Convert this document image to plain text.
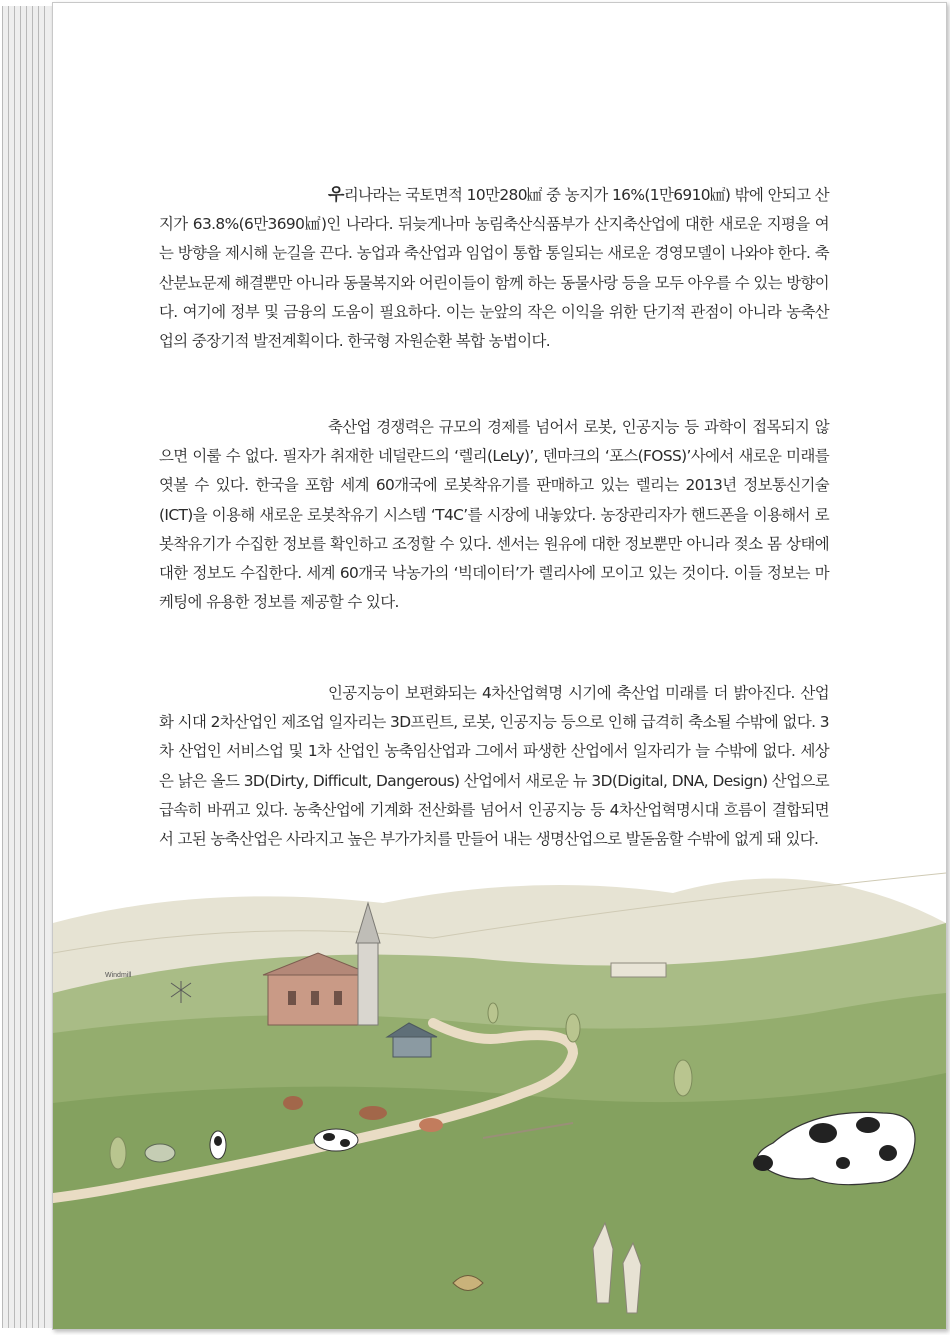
우리나라는 국토면적 10만280㎢ 중 농지가 16%(1만6910㎢) 밖에 안되고 산지가 63.8%(6만3690㎢)인 나라다. 뒤늦게나마 농림축산식품부가 산지축산업에 대한 새로운 지평을 여는 방향을 제시해 눈길을 끈다. 농업과 축산업과 임업이 통합 통일되는 새로운 경영모델이 나와야 한다. 축산분뇨문제 해결뿐만 아니라 동물복지와 어린이들이 함께 하는 동물사랑 등을 모두 아우를 수 있는 방향이다. 여기에 정부 및 금융의 도움이 필요하다. 이는 눈앞의 작은 이익을 위한 단기적 관점이 아니라 농축산업의 중장기적 발전계획이다. 한국형 자원순환 복합 농법이다.
축산업 경쟁력은 규모의 경제를 넘어서 로봇, 인공지능 등 과학이 접목되지 않으면 이룰 수 없다. 필자가 취재한 네덜란드의 ‘렐리(LeLy)’, 덴마크의 ‘포스(FOSS)’사에서 새로운 미래를 엿볼 수 있다. 한국을 포함 세계 60개국에 로봇착유기를 판매하고 있는 렐리는 2013년 정보통신기술(ICT)을 이용해 새로운 로봇착유기 시스템 ‘T4C’를 시장에 내놓았다. 농장관리자가 핸드폰을 이용해서 로봇착유기가 수집한 정보를 확인하고 조정할 수 있다. 센서는 원유에 대한 정보뿐만 아니라 젖소 몸 상태에 대한 정보도 수집한다. 세계 60개국 낙농가의 ‘빅데이터’가 렐리사에 모이고 있는 것이다. 이들 정보는 마케팅에 유용한 정보를 제공할 수 있다.
인공지능이 보편화되는 4차산업혁명 시기에 축산업 미래를 더 밝아진다. 산업화 시대 2차산업인 제조업 일자리는 3D프린트, 로봇, 인공지능 등으로 인해 급격히 축소될 수밖에 없다. 3차 산업인 서비스업 및 1차 산업인 농축임산업과 그에서 파생한 산업에서 일자리가 늘 수밖에 없다. 세상은 낡은 올드 3D(Dirty, Difficult, Dangerous) 산업에서 새로운 뉴 3D(Digital, DNA, Design) 산업으로 급속히 바뀌고 있다. 농축산업에 기계화 전산화를 넘어서 인공지능 등 4차산업혁명시대 흐름이 결합되면서 고된 농축산업은 사라지고 높은 부가가치를 만들어 내는 생명산업으로 발돋움할 수밖에 없게 돼 있다.
Windmill
